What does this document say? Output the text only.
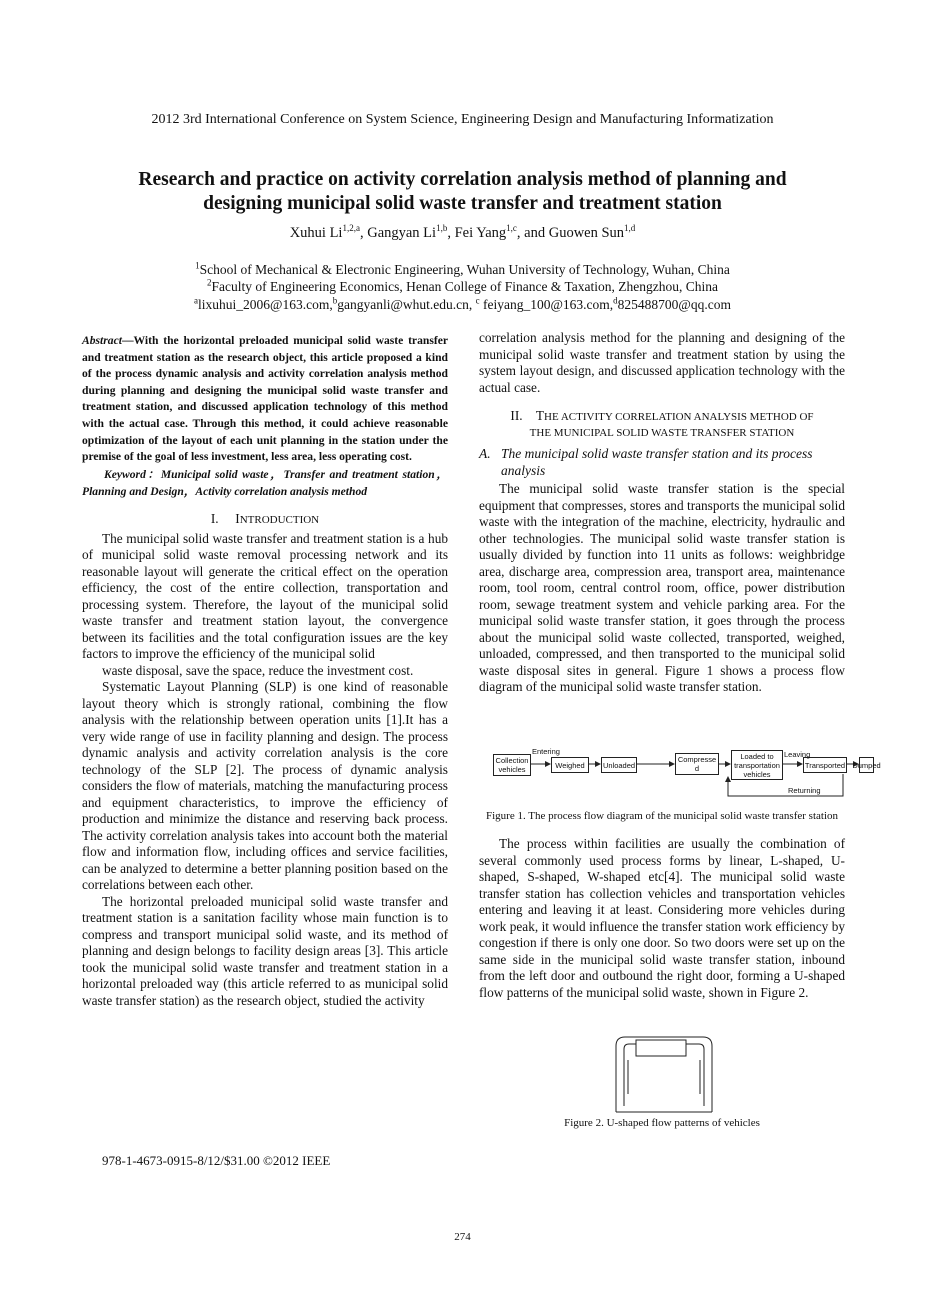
2012 3rd International Conference on System Science, Engineering Design and Manufacturing Informatization
Research and practice on activity correlation analysis method of planning and
designing municipal solid waste transfer and treatment station
Xuhui Li$^{1,2,a}$, Gangyan Li$^{1,b}$, Fei Yang$^{1,c}$, and Guowen Sun$^{1,d}$
$^1$School of Mechanical & Electronic Engineering, Wuhan University of Technology, Wuhan, China
$^2$Faculty of Engineering Economics, Henan College of Finance & Taxation, Zhengzhou, China
$^a$lixuhui_2006@163.com,$^b$gangyanli@whut.edu.cn, $^c$ feiyang_100@163.com,$^d$825488700@qq.com

Abstract—With the horizontal preloaded municipal solid waste transfer and treatment station as the research object, this article proposed a kind of the process dynamic analysis and activity correlation analysis method during planning and designing the municipal solid waste transfer and treatment station, and discussed application technology of this method with the actual case. Through this method, it could achieve reasonable optimization of the layout of each unit planning in the station under the premise of the goal of less investment, less area, less operating cost.

Keyword：Municipal solid waste，Transfer and treatment station，Planning and Design，Activity correlation analysis method

I. INTRODUCTION

The municipal solid waste transfer and treatment station is a hub of municipal solid waste removal processing network and its reasonable layout will generate the critical effect on the operation efficiency, the cost of the entire collection, transportation and processing system. Therefore, the layout of the municipal solid waste transfer and treatment station layout, the convergence between its facilities and the total configuration issues are the key factors to improve the efficiency of the municipal solid

waste disposal, save the space, reduce the investment cost.

Systematic Layout Planning (SLP) is one kind of reasonable layout theory which is strongly rational, combining the flow analysis with the relationship between operation units [1].It has a very wide range of use in facility planning and design. The process dynamic analysis and activity correlation analysis is the core technology of the SLP [2]. The process of dynamic analysis considers the flow of materials, matching the manufacturing process and equipment characteristics, to improve the efficiency of production and minimize the distance and reserving back process. The activity correlation analysis takes into account both the material flow and information flow, including offices and service facilities, can be analyzed to determine a better planning position based on the correlations between each other.

The horizontal preloaded municipal solid waste transfer and treatment station is a sanitation facility whose main function is to compress and transport municipal solid waste, and its method of planning and design belongs to facility design areas [3]. This article took the municipal solid waste transfer and treatment station in a horizontal preloaded way (this article referred to as municipal solid waste transfer station) as the research object, studied the activity

correlation analysis method for the planning and designing of the municipal solid waste transfer and treatment station by using the system layout design, and discussed application technology with the actual case.

II. THE ACTIVITY CORRELATION ANALYSIS METHOD OF
THE MUNICIPAL SOLID WASTE TRANSFER STATION
A. The municipal solid waste transfer station and its process analysis

The municipal solid waste transfer station is the special equipment that compresses, stores and transports the municipal solid waste with the integration of the machine, electricity, hydraulic and other technologies. The municipal solid waste transfer station is usually divided by function into 11 units as follows: weighbridge area, discharge area, compression area, transport area, maintenance room, tool room, central control room, office, power distribution room, sewage treatment system and vehicle parking area. For the municipal solid waste transfer station, it goes through the process about the municipal solid waste collected, transported, weighed, unloaded, compressed, and then transported to the municipal solid waste disposal sites in general. Figure 1 shows a process flow diagram of the municipal solid waste transfer station.

Collection vehicles	Weighed	Unloaded
Compresse d
Loaded to transportation vehicles
Transported Dumped
Entering	Leaving
Returning
Figure 1. The process flow diagram of the municipal solid waste transfer station

The process within facilities are usually the combination of several commonly used process forms by linear, L-shaped, U-shaped, S-shaped, W-shaped etc[4]. The municipal solid waste transfer station has collection vehicles and transportation vehicles entering and leaving it at least. Considering more vehicles during work peak, it would influence the transfer station work efficiency by congestion if there is only one door. So two doors were set up on the same side in the municipal solid waste transfer station, inbound from the left door and outbound the right door, forming a U-shaped flow patterns of the municipal solid waste, shown in Figure 2.

Figure 2. U-shaped flow patterns of vehicles
978-1-4673-0915-8/12/$31.00 ©2012 IEEE
274
